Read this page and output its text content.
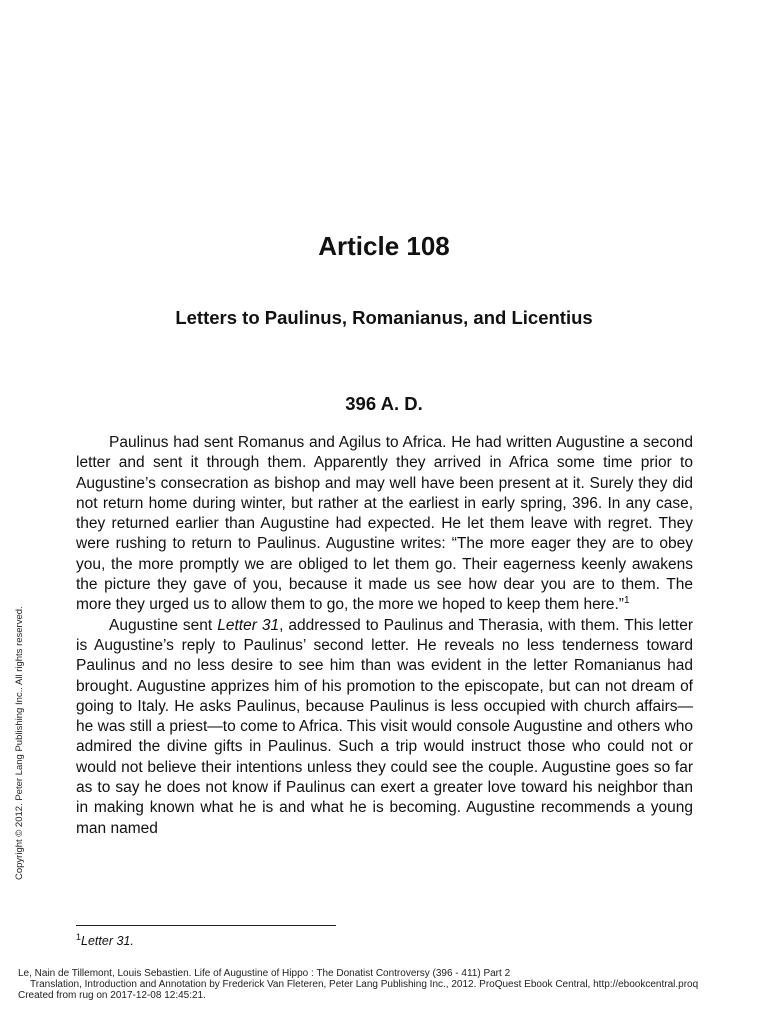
Article 108
Letters to Paulinus, Romanianus, and Licentius
396 A. D.

Paulinus had sent Romanus and Agilus to Africa. He had written Augustine a second letter and sent it through them. Apparently they arrived in Africa some time prior to Augustine’s consecration as bishop and may well have been present at it. Surely they did not return home during winter, but rather at the earliest in early spring, 396. In any case, they returned earlier than Augustine had expected. He let them leave with regret. They were rushing to return to Paulinus. Augustine writes: “The more eager they are to obey you, the more promptly we are obliged to let them go. Their eagerness keenly awakens the picture they gave of you, because it made us see how dear you are to them. The more they urged us to allow them to go, the more we hoped to keep them here.”$^1$

Augustine sent Letter 31, addressed to Paulinus and Therasia, with them. This letter is Augustine’s reply to Paulinus’ second letter. He reveals no less tenderness toward Paulinus and no less desire to see him than was evident in the letter Romanianus had brought. Augustine apprizes him of his promotion to the episcopate, but can not dream of going to Italy. He asks Paulinus, because Paulinus is less occupied with church affairs—he was still a priest—to come to Africa. This visit would console Augustine and others who admired the divine gifts in Paulinus. Such a trip would instruct those who could not or would not believe their intentions unless they could see the couple. Augustine goes so far as to say he does not know if Paulinus can exert a greater love toward his neighbor than in making known what he is and what he is becoming. Augustine recommends a young man named

$^1$Letter 31.
Copyright © 2012. Peter Lang Publishing Inc.. All rights reserved.
Le, Nain de Tillemont, Louis Sebastien. Life of Augustine of Hippo : The Donatist Controversy (396 - 411) Part 2
Translation, Introduction and Annotation by Frederick Van Fleteren, Peter Lang Publishing Inc., 2012. ProQuest Ebook Central, http://ebookcentral.proq
Created from rug on 2017-12-08 12:45:21.
